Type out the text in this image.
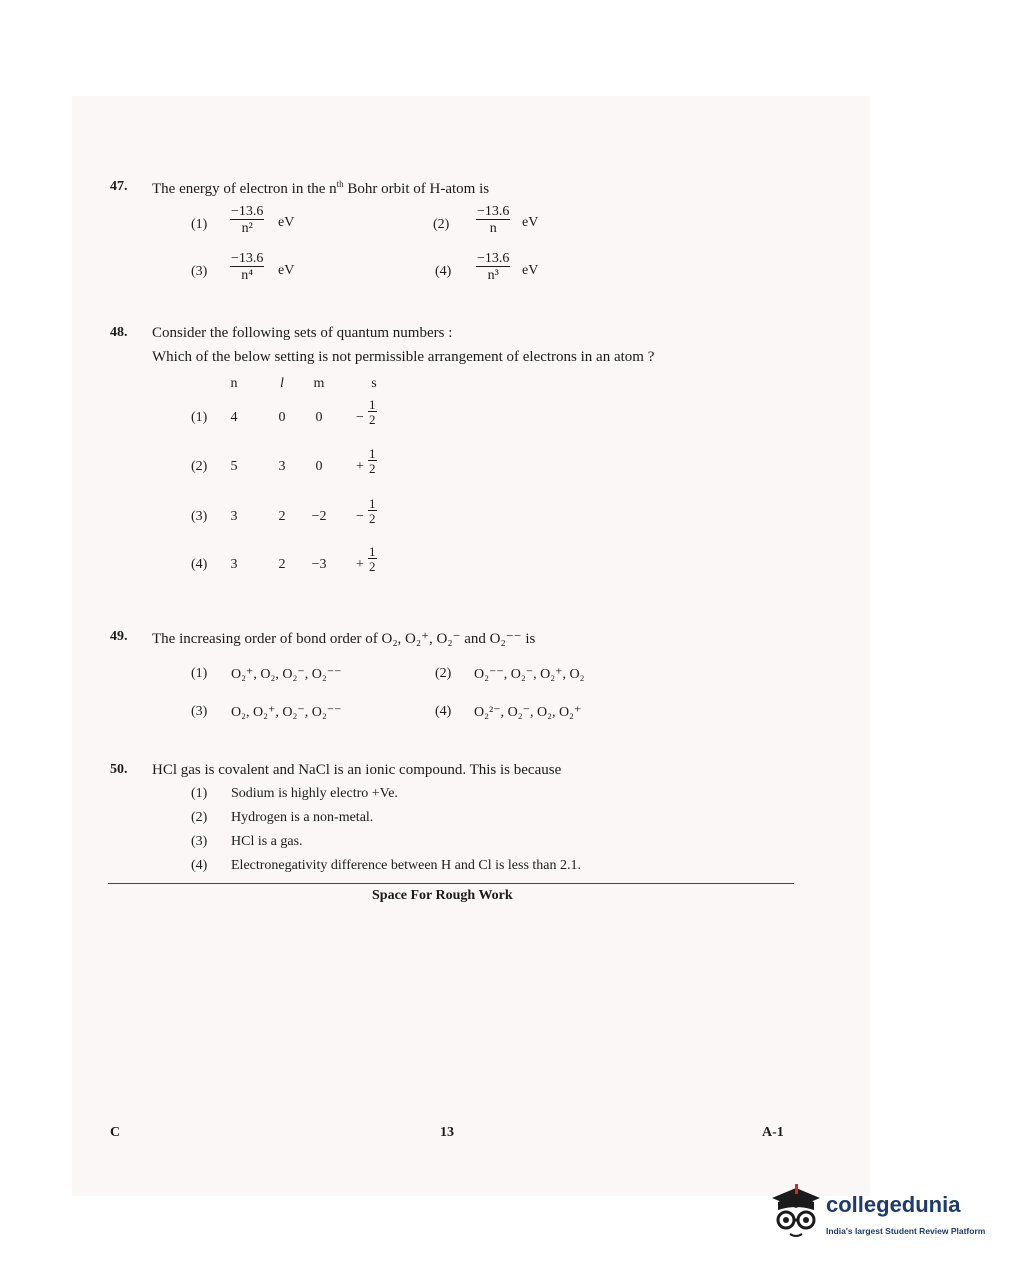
47. The energy of electron in the $n^{th}$ Bohr orbit of H-atom is
$(1) \frac{-13.6}{\text{n²}}$ eV	$(2) \frac{-13.6}{n}$ eV
$(3) \frac{-13.6}{\text{n⁴}}$ eV	$(4) \frac{-13.6}{\text{n³}}$ eV
48. Consider the following sets of quantum numbers :
Which of the below setting is not permissible arrangement of electrons in an atom ?
n	l	m	s
(1)	4	0	0	− $\frac{1}{2}$
(2)	5	3	0	+ $\frac{1}{2}$
(3)	3	2	−2	− $\frac{1}{2}$
(4)	3	2	−3	+ $\frac{1}{2}$
49. The increasing order of bond order of O₂, O₂⁺, O₂⁻ and O₂⁻⁻ is
(1) O₂⁺, O₂, O₂⁻, O₂⁻⁻	(2) O₂⁻⁻, O₂⁻, O₂⁺, O₂
(3) O₂, O₂⁺, O₂⁻, O₂⁻⁻	(4) O₂²⁻, O₂⁻, O₂, O₂⁺
50. HCl gas is covalent and NaCl is an ionic compound. This is because
(1) Sodium is highly electro +Ve.
(2) Hydrogen is a non-metal.
(3) HCl is a gas.
(4) Electronegativity difference between H and Cl is less than 2.1.
Space For Rough Work
C	13	A-1
collegedunia
India's largest Student Review Platform
